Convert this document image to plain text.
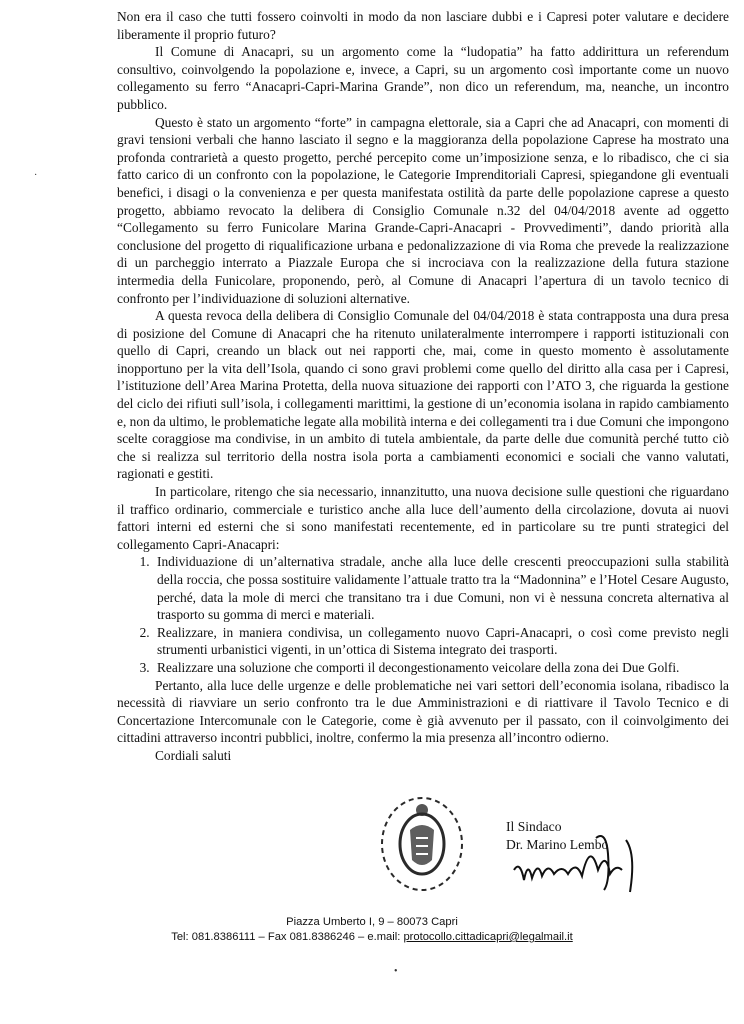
Non era il caso che tutti fossero coinvolti in modo da non lasciare dubbi e i Capresi poter valutare e decidere liberamente il proprio futuro?

Il Comune di Anacapri, su un argomento come la “ludopatia” ha fatto addirittura un referendum consultivo, coinvolgendo la popolazione e, invece, a Capri, su un argomento così importante come un nuovo collegamento su ferro “Anacapri-Capri-Marina Grande”, non dico un referendum, ma, neanche, un incontro pubblico.

Questo è stato un argomento “forte” in campagna elettorale, sia a Capri che ad Anacapri, con momenti di gravi tensioni verbali che hanno lasciato il segno e la maggioranza della popolazione Caprese ha mostrato una profonda contrarietà a questo progetto, perché percepito come un’imposizione senza, e lo ribadisco, che ci sia fatto carico di un confronto con la popolazione, le Categorie Imprenditoriali Capresi, spiegandone gli eventuali benefici, i disagi o la convenienza e per questa manifestata ostilità da parte delle popolazione caprese a questo progetto, abbiamo revocato la delibera di Consiglio Comunale n.32 del 04/04/2018 avente ad oggetto “Collegamento su ferro Funicolare Marina Grande-Capri-Anacapri - Provvedimenti”, dando priorità alla conclusione del progetto di riqualificazione urbana e pedonalizzazione di via Roma che prevede la realizzazione di un parcheggio interrato a Piazzale Europa che si incrociava con la realizzazione della futura stazione intermedia della Funicolare, proponendo, però, al Comune di Anacapri l’apertura di un tavolo tecnico di confronto per l’individuazione di soluzioni alternative.

A questa revoca della delibera di Consiglio Comunale del 04/04/2018 è stata contrapposta una dura presa di posizione del Comune di Anacapri che ha ritenuto unilateralmente interrompere i rapporti istituzionali con quello di Capri, creando un black out nei rapporti che, mai, come in questo momento è assolutamente inopportuno per la vita dell’Isola, quando ci sono gravi problemi come quello del diritto alla casa per i Capresi, l’istituzione dell’Area Marina Protetta, della nuova situazione dei rapporti con l’ATO 3, che riguarda la gestione del ciclo dei rifiuti sull’isola, i collegamenti marittimi, la gestione di un’economia isolana in rapido cambiamento e, non da ultimo, le problematiche legate alla mobilità interna e dei collegamenti tra i due Comuni che impongono scelte coraggiose ma condivise, in un ambito di tutela ambientale, da parte delle due comunità perché tutto ciò che si realizza sul territorio della nostra isola porta a cambiamenti economici e sociali che vanno valutati, ragionati e gestiti.

In particolare, ritengo che sia necessario, innanzitutto, una nuova decisione sulle questioni che riguardano il traffico ordinario, commerciale e turistico anche alla luce dell’aumento della circolazione, dovuta ai nuovi fattori interni ed esterni che si sono manifestati recentemente, ed in particolare su tre punti strategici del collegamento Capri-Anacapri:

1. Individuazione di un’alternativa stradale, anche alla luce delle crescenti preoccupazioni sulla stabilità della roccia, che possa sostituire validamente l’attuale tratto tra la “Madonnina” e l’Hotel Cesare Augusto, perché, data la mole di merci che transitano tra i due Comuni, non vi è nessuna concreta alternativa al trasporto su gomma di merci e materiali.
2. Realizzare, in maniera condivisa, un collegamento nuovo Capri-Anacapri, o così come previsto negli strumenti urbanistici vigenti, in un’ottica di Sistema integrato dei trasporti.
3. Realizzare una soluzione che comporti il decongestionamento veicolare della zona dei Due Golfi.

Pertanto, alla luce delle urgenze e delle problematiche nei vari settori dell’economia isolana, ribadisco la necessità di riavviare un serio confronto tra le due Amministrazioni e di riattivare il Tavolo Tecnico e di Concertazione Intercomunale con le Categorie, come è già avvenuto per il passato, con il coinvolgimento dei cittadini attraverso incontri pubblici, inoltre, confermo la mia presenza all’incontro odierno.

Cordiali saluti

Il Sindaco
Dr. Marino Lembo
Piazza Umberto I, 9 – 80073 Capri
Tel: 081.8386111 – Fax 081.8386246 – e.mail: protocollo.cittadicapri@legalmail.it
·
•
